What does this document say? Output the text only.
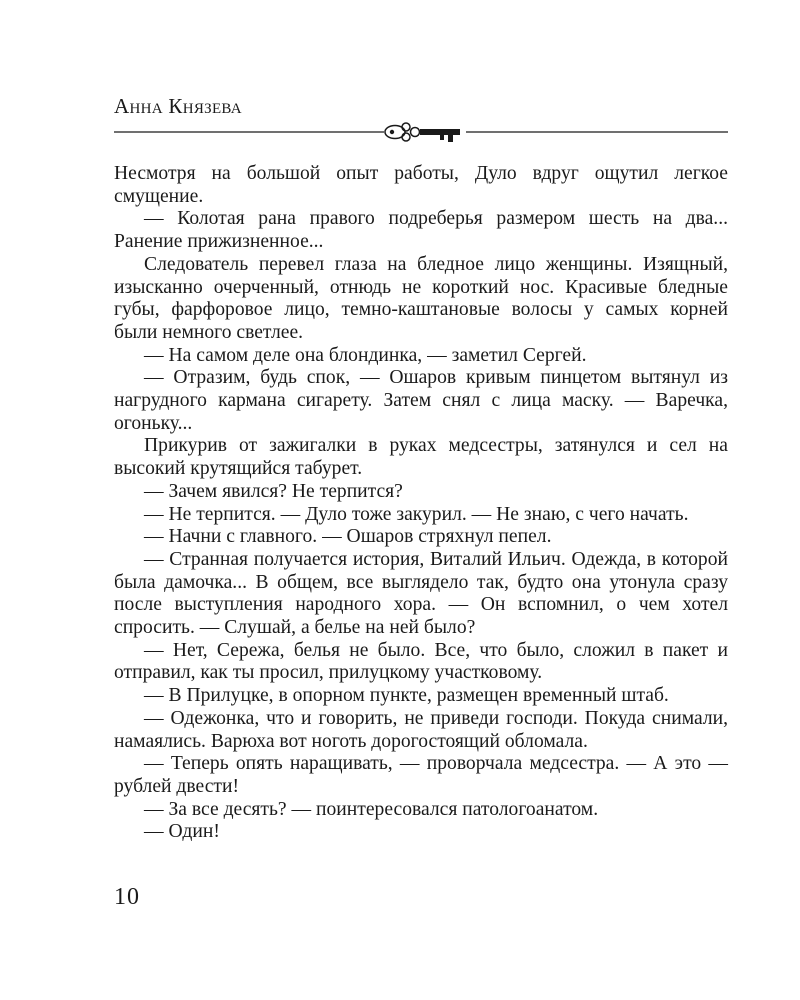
Анна Князева

Несмотря на большой опыт работы, Дуло вдруг ощутил легкое смущение.

— Колотая рана правого подреберья размером шесть на два... Ранение прижизненное...

Следователь перевел глаза на бледное лицо женщины. Изящный, изысканно очерченный, отнюдь не короткий нос. Красивые бледные губы, фарфоровое лицо, темно-каштановые волосы у самых корней были немного светлее.

— На самом деле она блондинка, — заметил Сергей.

— Отразим, будь спок, — Ошаров кривым пинцетом вытянул из нагрудного кармана сигарету. Затем снял с лица маску. — Варечка, огоньку...

Прикурив от зажигалки в руках медсестры, затянулся и сел на высокий крутящийся табурет.

— Зачем явился? Не терпится?

— Не терпится. — Дуло тоже закурил. — Не знаю, с чего начать.

— Начни с главного. — Ошаров стряхнул пепел.

— Странная получается история, Виталий Ильич. Одежда, в которой была дамочка... В общем, все выглядело так, будто она утонула сразу после выступления народного хора. — Он вспомнил, о чем хотел спросить. — Слушай, а белье на ней было?

— Нет, Сережа, белья не было. Все, что было, сложил в пакет и отправил, как ты просил, прилуцкому участковому.

— В Прилуцке, в опорном пункте, размещен временный штаб.

— Одежонка, что и говорить, не приведи господи. Покуда снимали, намаялись. Варюха вот ноготь дорогостоящий обломала.

— Теперь опять наращивать, — проворчала медсестра. — А это — рублей двести!

— За все десять? — поинтересовался патологоанатом.

— Один!

10
